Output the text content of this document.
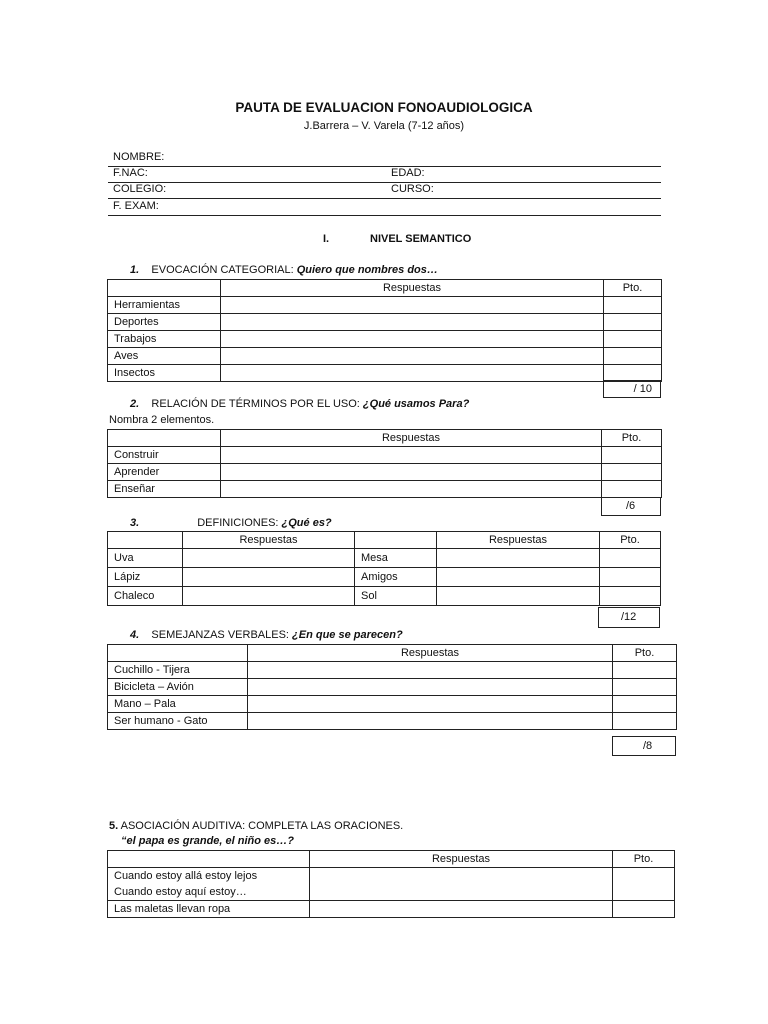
PAUTA DE EVALUACION FONOAUDIOLOGICA
J.Barrera – V. Varela (7-12 años)
NOMBRE:
F.NAC:	EDAD:
COLEGIO:	CURSO:
F. EXAM:
I.	NIVEL SEMANTICO
1. EVOCACIÓN CATEGORIAL: Quiero que nombres dos…
	Respuestas	Pto.
Herramientas		
Deportes		
Trabajos		
Aves		
Insectos		
/ 10
2. RELACIÓN DE TÉRMINOS POR EL USO: ¿Qué usamos Para?
Nombra 2 elementos.
	Respuestas	Pto.
Construir		
Aprender		
Enseñar		
/6
3.	DEFINICIONES: ¿Qué es?
	Respuestas		Respuestas	Pto.
Uva		Mesa		
Lápiz		Amigos		
Chaleco		Sol		
/12
4. SEMEJANZAS VERBALES: ¿En que se parecen?
	Respuestas	Pto.
Cuchillo - Tijera		
Bicicleta – Avión		
Mano – Pala		
Ser humano - Gato		
/8
5. ASOCIACIÓN AUDITIVA: COMPLETA LAS ORACIONES.
“el papa es grande, el niño es…?
	Respuestas	Pto.

Cuando estoy allá estoy lejos
Cuando estoy aquí estoy…		

Las maletas llevan ropa		
